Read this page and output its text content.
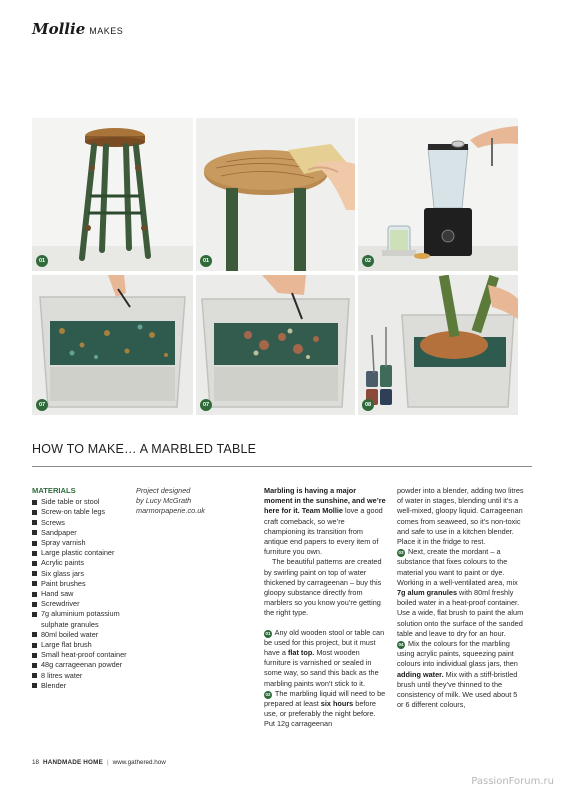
Mollie MAKES
01	01	02
07	07	08
HOW TO MAKE… A MARBLED TABLE
MATERIALS
Side table or stool
Screw-on table legs
Screws
Sandpaper
Spray varnish
Large plastic container
Acrylic paints
Six glass jars
Paint brushes
Hand saw
Screwdriver
7g aluminium potassium sulphate granules
80ml boiled water
Large flat brush
Small heat-proof container
48g carrageenan powder
8 litres water
Blender
Project designed
by Lucy McGrath
marmorpaperie.co.uk

Marbling is having a major moment in the sunshine, and we’re here for it. Team Mollie love a good craft comeback, so we’re championing its transition from antique end papers to every item of furniture you own.

The beautiful patterns are created by swirling paint on top of water thickened by carrageenan – buy this gloopy substance directly from marblers so you know you’re getting the right type.

01 Any old wooden stool or table can be used for this project, but it must have a flat top. Most wooden furniture is varnished or sealed in some way, so sand this back as the marbling paints won’t stick to it.

02 The marbling liquid will need to be prepared at least six hours before use, or preferably the night before. Put 12g carrageenan

powder into a blender, adding two litres of water in stages, blending until it’s a well-mixed, gloopy liquid. Carrageenan comes from seaweed, so it’s non-toxic and safe to use in a kitchen blender. Place it in the fridge to rest.

03 Next, create the mordant – a substance that fixes colours to the material you want to paint or dye. Working in a well-ventilated area, mix 7g alum granules with 80ml freshly boiled water in a heat-proof container. Use a wide, flat brush to paint the alum solution onto the surface of the sanded table and leave to dry for an hour.

04 Mix the colours for the marbling using acrylic paints, squeezing paint colours into individual glass jars, then adding water. Mix with a stiff-bristled brush until they’ve thinned to the consistency of milk. We used about 5 or 6 different colours,

18 HANDMADE HOME | www.gathered.how
PassionForum.ru
